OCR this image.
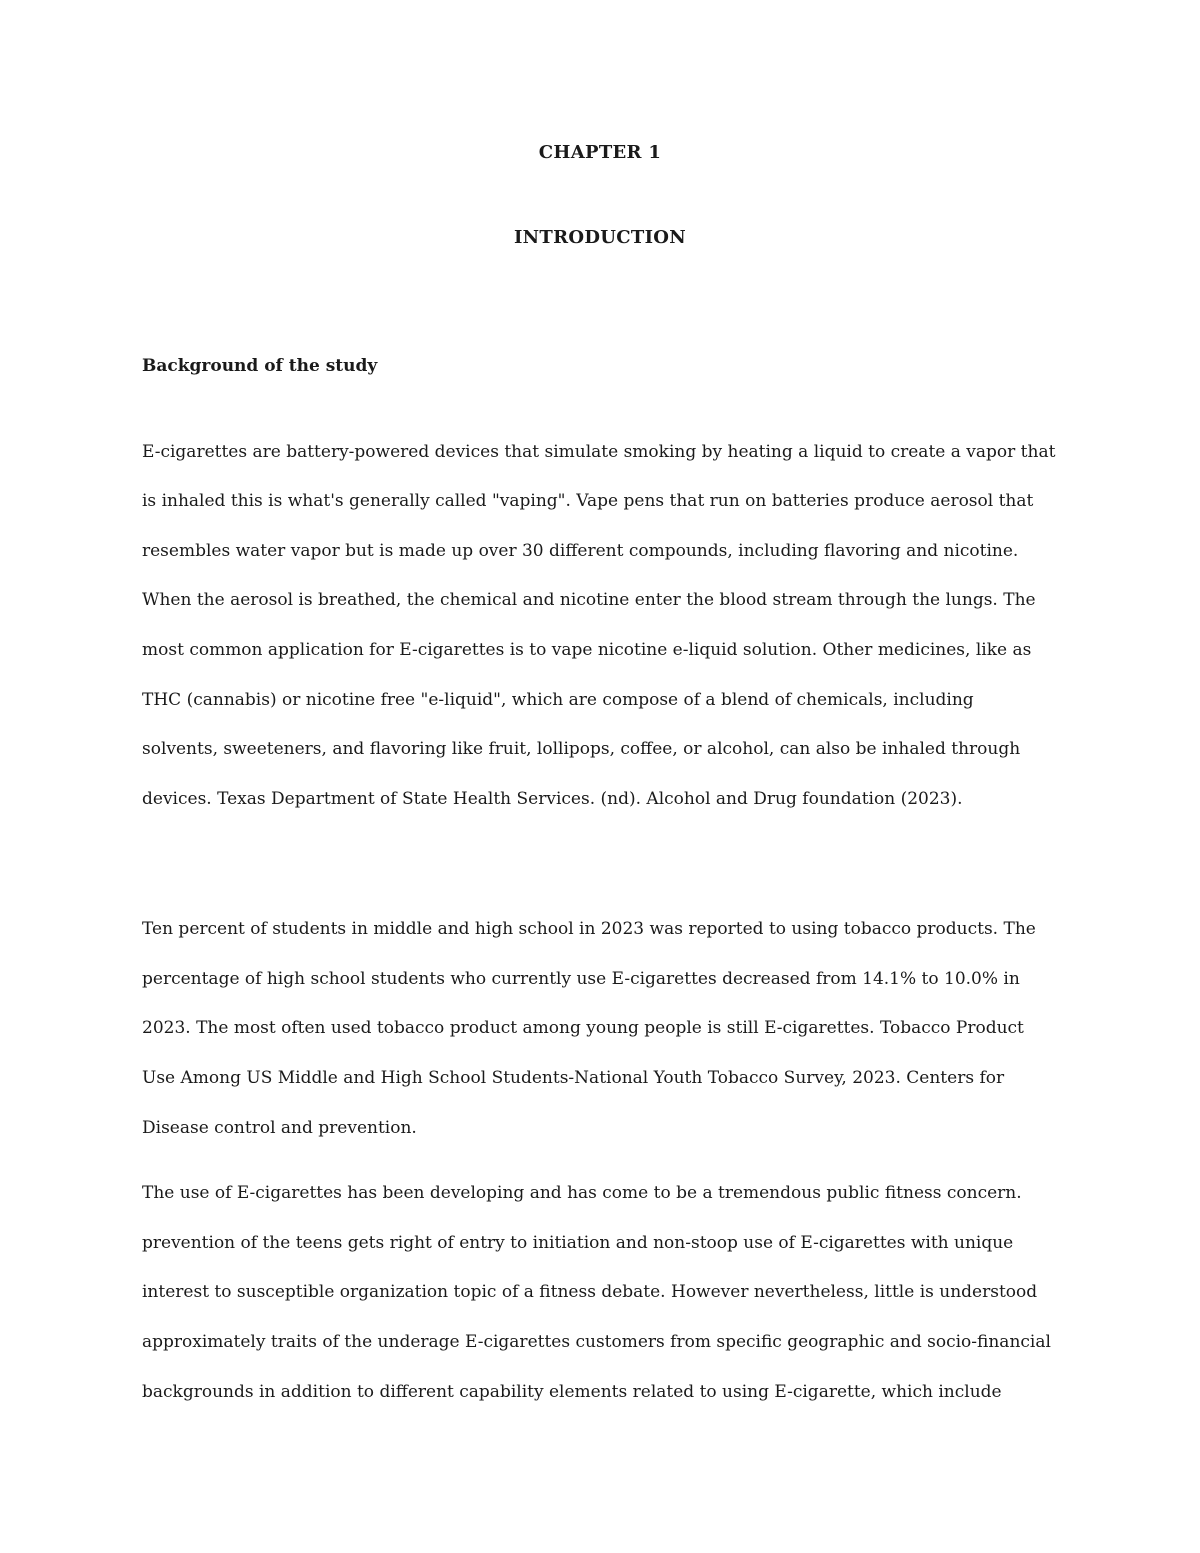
CHAPTER 1
INTRODUCTION
Background of the study

E-cigarettes are battery-powered devices that simulate smoking by heating a liquid to create a vapor that

is inhaled this is what's generally called "vaping". Vape pens that run on batteries produce aerosol that

resembles water vapor but is made up over 30 different compounds, including flavoring and nicotine.

When the aerosol is breathed, the chemical and nicotine enter the blood stream through the lungs. The

most common application for E-cigarettes is to vape nicotine e-liquid solution. Other medicines, like as

THC (cannabis) or nicotine free "e-liquid", which are compose of a blend of chemicals, including

solvents, sweeteners, and flavoring like fruit, lollipops, coffee, or alcohol, can also be inhaled through

devices. Texas Department of State Health Services. (nd). Alcohol and Drug foundation (2023).

Ten percent of students in middle and high school in 2023 was reported to using tobacco products. The

percentage of high school students who currently use E-cigarettes decreased from 14.1% to 10.0% in

2023. The most often used tobacco product among young people is still E-cigarettes. Tobacco Product

Use Among US Middle and High School Students-National Youth Tobacco Survey, 2023. Centers for

Disease control and prevention.

The use of E-cigarettes has been developing and has come to be a tremendous public fitness concern.

prevention of the teens gets right of entry to initiation and non-stoop use of E-cigarettes with unique

interest to susceptible organization topic of a fitness debate. However nevertheless, little is understood

approximately traits of the underage E-cigarettes customers from specific geographic and socio-financial

backgrounds in addition to different capability elements related to using E-cigarette, which include
